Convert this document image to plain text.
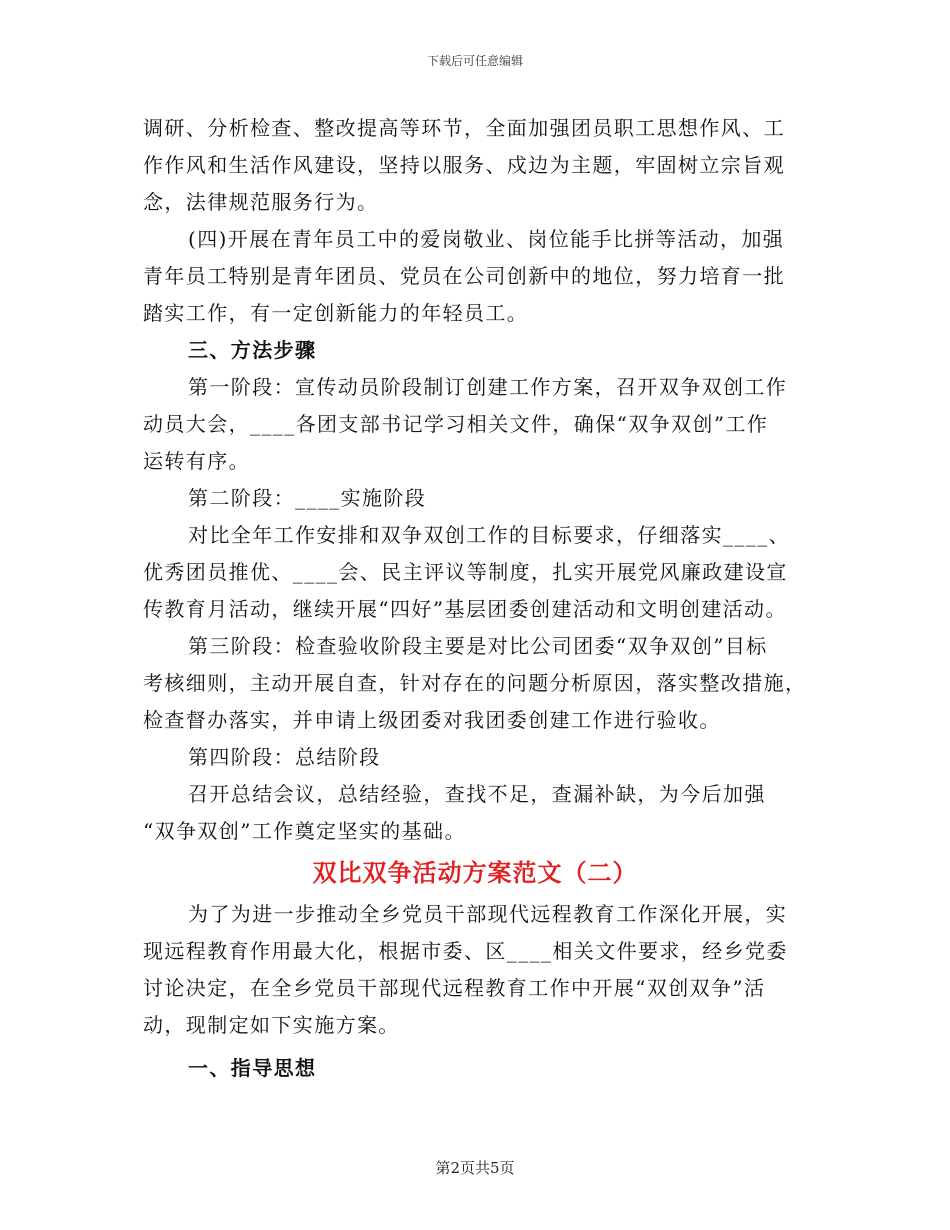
下载后可任意编辑
调研、分析检查、整改提高等环节，全面加强团员职工思想作风、工
作作风和生活作风建设，坚持以服务、戍边为主题，牢固树立宗旨观
念，法律规范服务行为。
(四)开展在青年员工中的爱岗敬业、岗位能手比拼等活动，加强
青年员工特别是青年团员、党员在公司创新中的地位，努力培育一批
踏实工作，有一定创新能力的年轻员工。
三、方法步骤
第一阶段：宣传动员阶段制订创建工作方案，召开双争双创工作
动员大会，____各团支部书记学习相关文件，确保“双争双创”工作
运转有序。
第二阶段：____实施阶段
对比全年工作安排和双争双创工作的目标要求，仔细落实____、
优秀团员推优、____会、民主评议等制度，扎实开展党风廉政建设宣
传教育月活动，继续开展“四好”基层团委创建活动和文明创建活动。
第三阶段：检查验收阶段主要是对比公司团委“双争双创”目标
考核细则，主动开展自查，针对存在的问题分析原因，落实整改措施，
检查督办落实，并申请上级团委对我团委创建工作进行验收。
第四阶段：总结阶段
召开总结会议，总结经验，查找不足，查漏补缺，为今后加强
“双争双创”工作奠定坚实的基础。
双比双争活动方案范文（二）
为了为进一步推动全乡党员干部现代远程教育工作深化开展，实
现远程教育作用最大化，根据市委、区____相关文件要求，经乡党委
讨论决定，在全乡党员干部现代远程教育工作中开展“双创双争”活
动，现制定如下实施方案。
一、指导思想
第2页共5页
